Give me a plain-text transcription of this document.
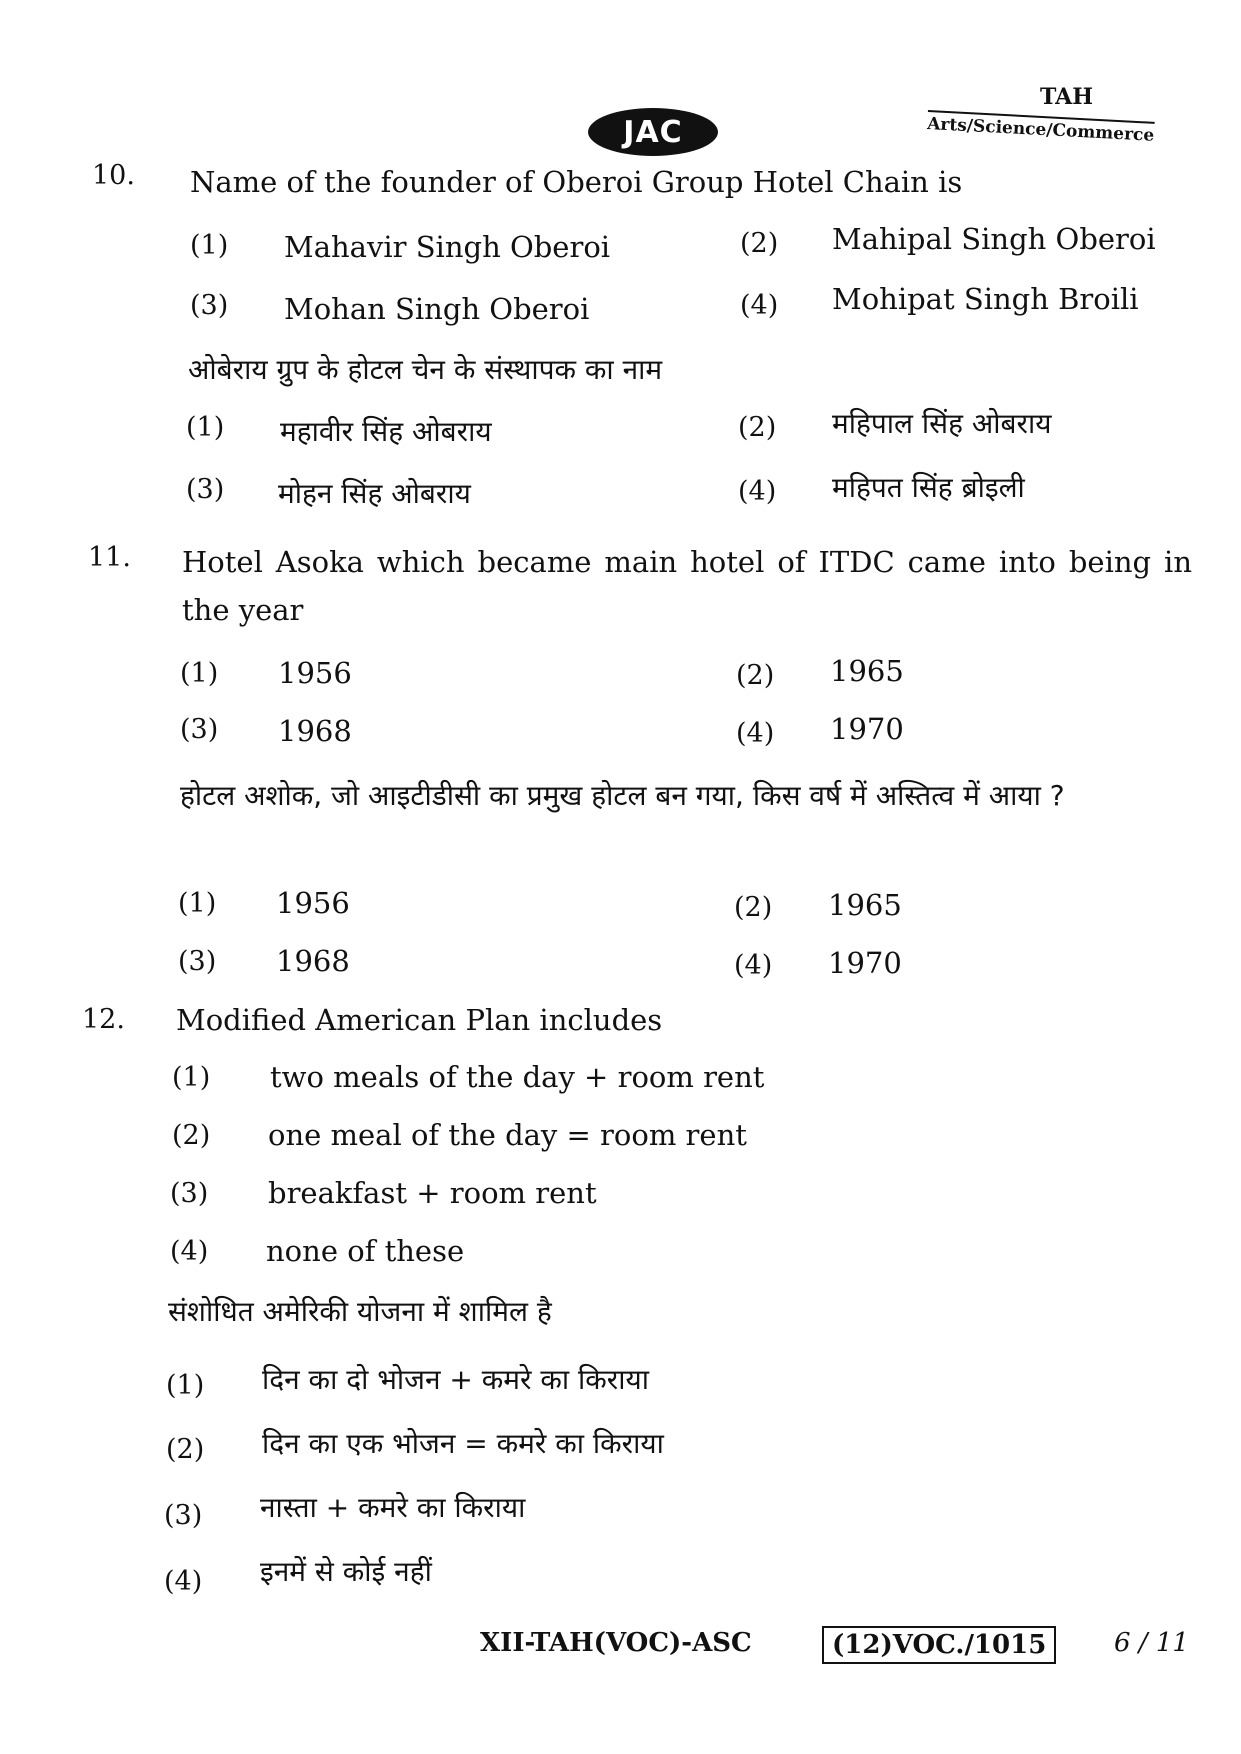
JAC
TAH
Arts/Science/Commerce
10. Name of the founder of Oberoi Group Hotel Chain is
(1) Mahavir Singh Oberoi	(2) Mahipal Singh Oberoi
(3) Mohan Singh Oberoi	(4) Mohipat Singh Broili
ओबेराय ग्रुप के होटल चेन के संस्थापक का नाम
(1) महावीर सिंह ओबराय	(2) महिपाल सिंह ओबराय
(3) मोहन सिंह ओबराय	(4) महिपत सिंह ब्रोइली
11. Hotel Asoka which became main hotel of ITDC came into being in the year
(1) 1956	(2) 1965
(3) 1968	(4) 1970
होटल अशोक, जो आइटीडीसी का प्रमुख होटल बन गया, किस वर्ष में अस्तित्व में आया ?
(1) 1956	(2) 1965
(3) 1968	(4) 1970
12. Modified American Plan includes
(1) two meals of the day + room rent
(2) one meal of the day = room rent
(3) breakfast + room rent
(4) none of these
संशोधित अमेरिकी योजना में शामिल है
(1) दिन का दो भोजन + कमरे का किराया
(2) दिन का एक भोजन = कमरे का किराया
(3) नास्ता + कमरे का किराया
(4) इनमें से कोई नहीं
XII-TAH(VOC)-ASC	(12)VOC./1015	6 / 11
